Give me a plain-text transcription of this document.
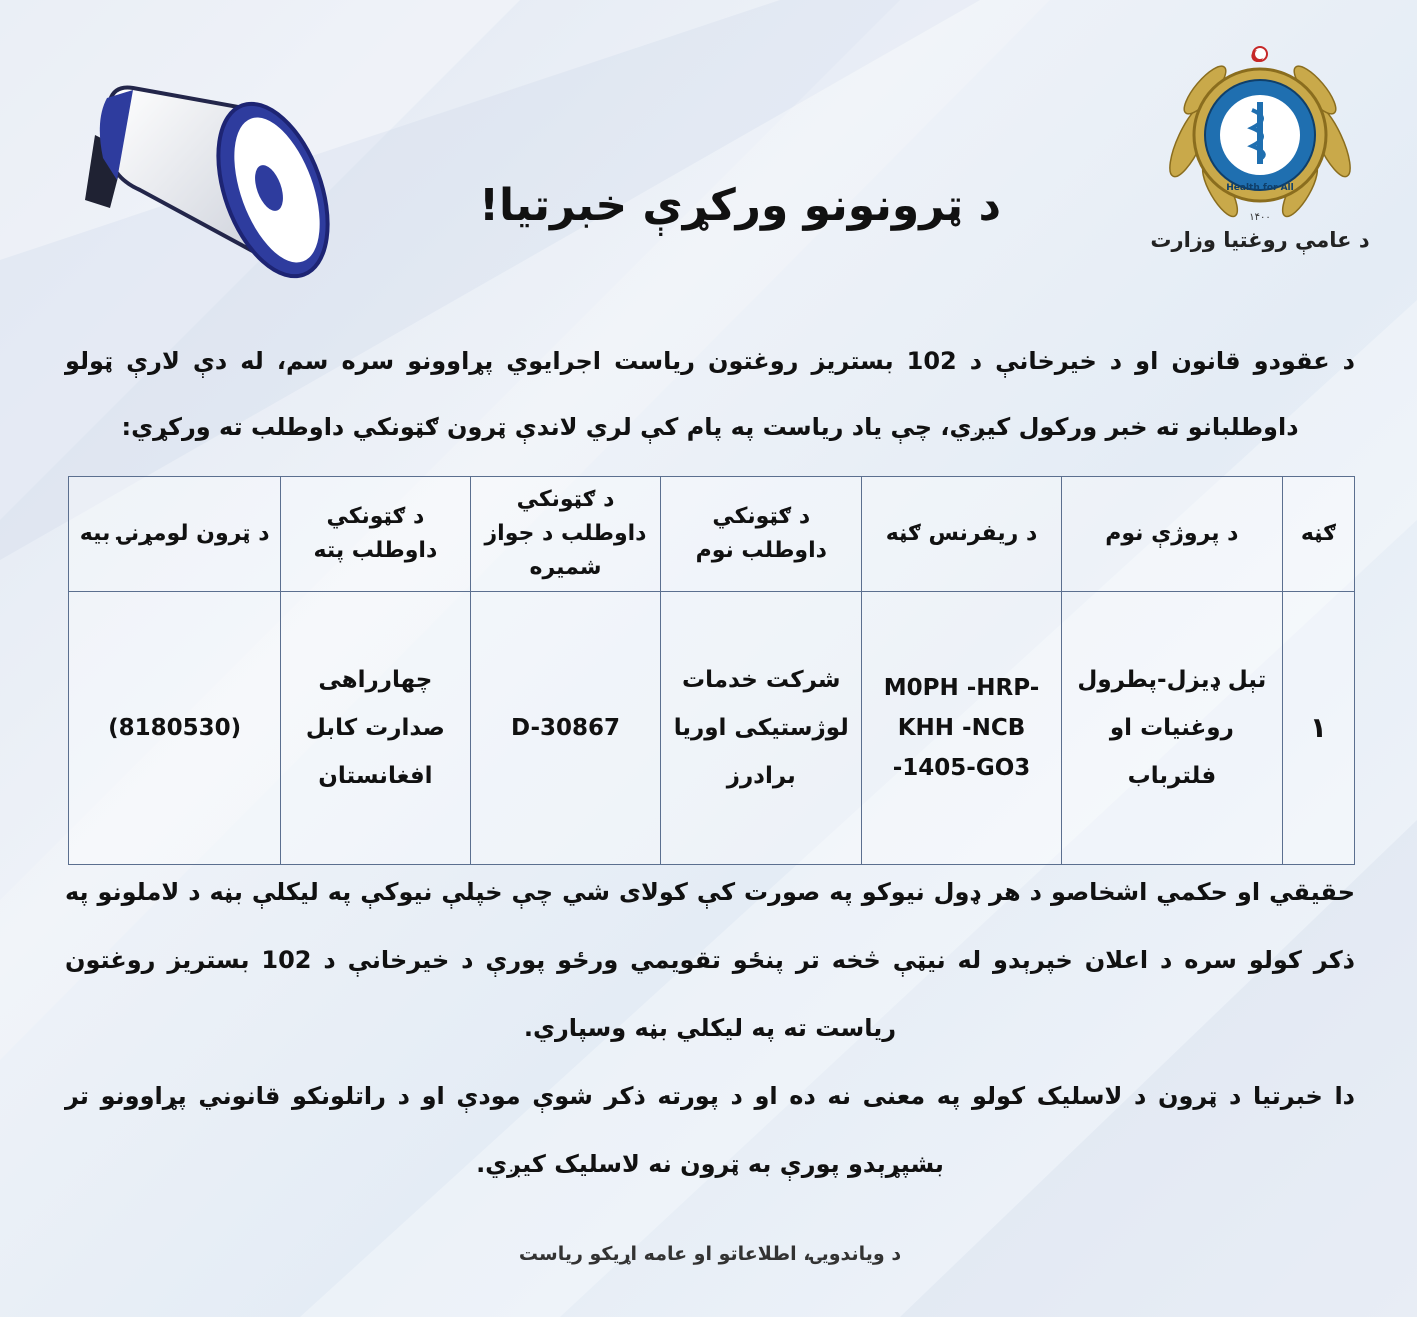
۱۴۰۰
Health for All
د عامې روغتیا وزارت
د ټرونونو ورکړې خبرتیا!
د عقودو قانون او د خیرخانې د 102 بستریز روغتون ریاست اجرایوي پړاوونو سره سم، له دې لارې ټولو داوطلبانو ته خبر ورکول کیږي، چې یاد ریاست په پام کې لري لاندې ټرون ګټونکي داوطلب ته ورکړي:
ګڼه	د پروژې نوم	د ریفرنس ګڼه	د ګټونکي داوطلب نوم	د ګټونکي داوطلب د جواز شمیره	د ګټونکي داوطلب پته	د ټرون لومړنۍ بیه
۱	تېل ډیزل-پطرول روغنیات او فلترباب	M0PH -HRP-KHH -NCB -1405-GO3	شرکت خدمات لوژستیکی اوریا برادرز	D-30867	چهارراهی صدارت کابل افغانستان	(8180530)

حقیقي او حکمي اشخاصو د هر ډول نیوکو په صورت کې کولای شي چې خپلې نیوکې په لیکلې بڼه د لاملونو په ذکر کولو سره د اعلان خپرېدو له نیټې څخه تر پنځو تقویمي ورځو پورې د خیرخانې د 102 بستریز روغتون ریاست ته په لیکلي بڼه وسپاري.

دا خبرتیا د ټرون د لاسلیک کولو په معنی نه ده او د پورته ذکر شوې مودې او د راتلونکو قانوني پړاوونو تر بشپړېدو پورې به ټرون نه لاسلیک کیږي.

د ویاندویۍ، اطلاعاتو او عامه اړیکو ریاست
